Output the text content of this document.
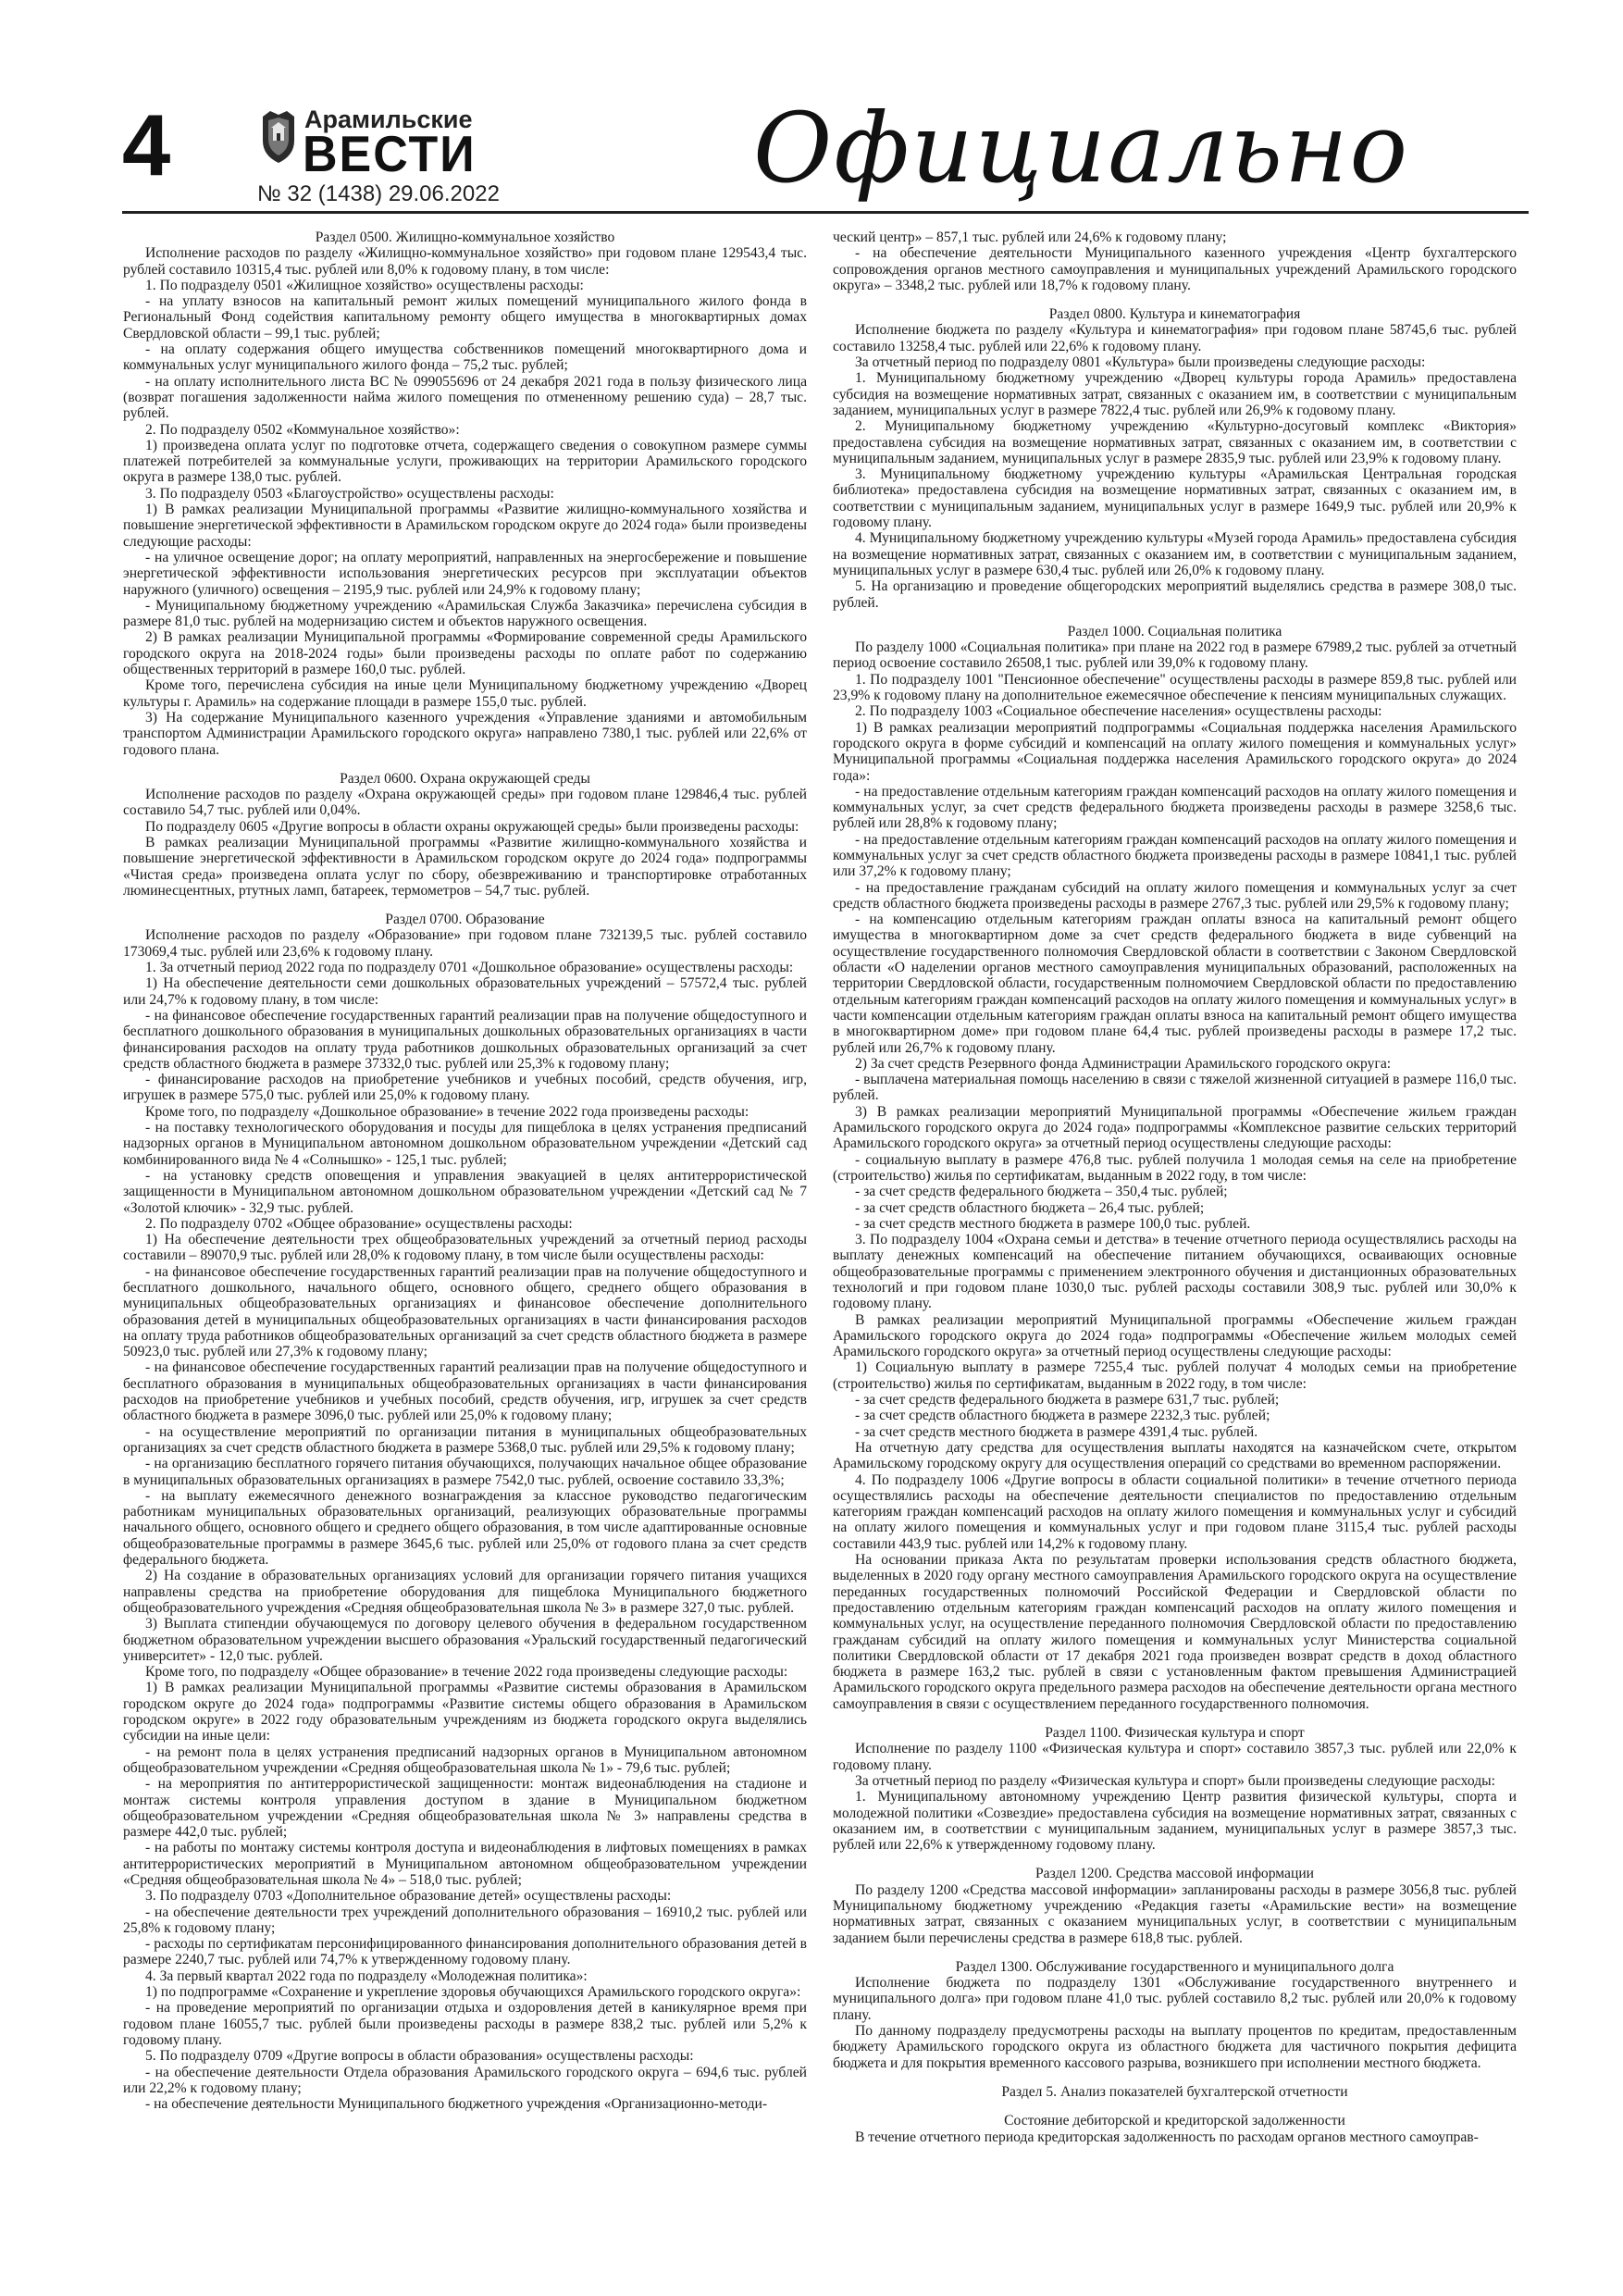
4	Арамильские
ВЕСТИ
№ 32 (1438) 29.06.2022	Официально
Раздел 0500. Жилищно-коммунальное хозяйство

Исполнение расходов по разделу «Жилищно-коммунальное хозяйство» при годовом плане 129543,4 тыс. рублей составило 10315,4 тыс. рублей или 8,0% к годовому плану, в том числе:

1. По подразделу 0501 «Жилищное хозяйство» осуществлены расходы:

- на уплату взносов на капитальный ремонт жилых помещений муниципального жилого фонда в Региональный Фонд содействия капитальному ремонту общего имущества в многоквартирных домах Свердловской области – 99,1 тыс. рублей;

- на оплату содержания общего имущества собственников помещений многоквартирного дома и коммунальных услуг муниципального жилого фонда – 75,2 тыс. рублей;

- на оплату исполнительного листа ВС № 099055696 от 24 декабря 2021 года в пользу физического лица (возврат погашения задолженности найма жилого помещения по отмененному решению суда) – 28,7 тыс. рублей.

2. По подразделу 0502 «Коммунальное хозяйство»:

1) произведена оплата услуг по подготовке отчета, содержащего сведения о совокупном размере суммы платежей потребителей за коммунальные услуги, проживающих на территории Арамильского городского округа в размере 138,0 тыс. рублей.

3. По подразделу 0503 «Благоустройство» осуществлены расходы:

1) В рамках реализации Муниципальной программы «Развитие жилищно-коммунального хозяйства и повышение энергетической эффективности в Арамильском городском округе до 2024 года» были произведены следующие расходы:

- на уличное освещение дорог; на оплату мероприятий, направленных на энергосбережение и повышение энергетической эффективности использования энергетических ресурсов при эксплуатации объектов наружного (уличного) освещения – 2195,9 тыс. рублей или 24,9% к годовому плану;

- Муниципальному бюджетному учреждению «Арамильская Служба Заказчика» перечислена субсидия в размере 81,0 тыс. рублей на модернизацию систем и объектов наружного освещения.

2) В рамках реализации Муниципальной программы «Формирование современной среды Арамильского городского округа на 2018-2024 годы» были произведены расходы по оплате работ по содержанию общественных территорий в размере 160,0 тыс. рублей.

Кроме того, перечислена субсидия на иные цели Муниципальному бюджетному учреждению «Дворец культуры г. Арамиль» на содержание площади в размере 155,0 тыс. рублей.

3) На содержание Муниципального казенного учреждения «Управление зданиями и автомобильным транспортом Администрации Арамильского городского округа» направлено 7380,1 тыс. рублей или 22,6% от годового плана.

Раздел 0600. Охрана окружающей среды

Исполнение расходов по разделу «Охрана окружающей среды» при годовом плане 129846,4 тыс. рублей составило 54,7 тыс. рублей или 0,04%.

По подразделу 0605 «Другие вопросы в области охраны окружающей среды» были произведены расходы:

В рамках реализации Муниципальной программы «Развитие жилищно-коммунального хозяйства и повышение энергетической эффективности в Арамильском городском округе до 2024 года» подпрограммы «Чистая среда» произведена оплата услуг по сбору, обезвреживанию и транспортировке отработанных люминесцентных, ртутных ламп, батареек, термометров – 54,7 тыс. рублей.

Раздел 0700. Образование

Исполнение расходов по разделу «Образование» при годовом плане 732139,5 тыс. рублей составило 173069,4 тыс. рублей или 23,6% к годовому плану.

1. За отчетный период 2022 года по подразделу 0701 «Дошкольное образование» осуществлены расходы:

1) На обеспечение деятельности семи дошкольных образовательных учреждений – 57572,4 тыс. рублей или 24,7% к годовому плану, в том числе:

- на финансовое обеспечение государственных гарантий реализации прав на получение общедоступного и бесплатного дошкольного образования в муниципальных дошкольных образовательных организациях в части финансирования расходов на оплату труда работников дошкольных образовательных организаций за счет средств областного бюджета в размере 37332,0 тыс. рублей или 25,3% к годовому плану;

- финансирование расходов на приобретение учебников и учебных пособий, средств обучения, игр, игрушек в размере 575,0 тыс. рублей или 25,0% к годовому плану.

Кроме того, по подразделу «Дошкольное образование» в течение 2022 года произведены расходы:

- на поставку технологического оборудования и посуды для пищеблока в целях устранения предписаний надзорных органов в Муниципальном автономном дошкольном образовательном учреждении «Детский сад комбинированного вида № 4 «Солнышко» - 125,1 тыс. рублей;

- на установку средств оповещения и управления эвакуацией в целях антитеррористической защищенности в Муниципальном автономном дошкольном образовательном учреждении «Детский сад № 7 «Золотой ключик» - 32,9 тыс. рублей.

2. По подразделу 0702 «Общее образование» осуществлены расходы:

1) На обеспечение деятельности трех общеобразовательных учреждений за отчетный период расходы составили – 89070,9 тыс. рублей или 28,0% к годовому плану, в том числе были осуществлены расходы:

- на финансовое обеспечение государственных гарантий реализации прав на получение общедоступного и бесплатного дошкольного, начального общего, основного общего, среднего общего образования в муниципальных общеобразовательных организациях и финансовое обеспечение дополнительного образования детей в муниципальных общеобразовательных организациях в части финансирования расходов на оплату труда работников общеобразовательных организаций за счет средств областного бюджета в размере 50923,0 тыс. рублей или 27,3% к годовому плану;

- на финансовое обеспечение государственных гарантий реализации прав на получение общедоступного и бесплатного образования в муниципальных общеобразовательных организациях в части финансирования расходов на приобретение учебников и учебных пособий, средств обучения, игр, игрушек за счет средств областного бюджета в размере 3096,0 тыс. рублей или 25,0% к годовому плану;

- на осуществление мероприятий по организации питания в муниципальных общеобразовательных организациях за счет средств областного бюджета в размере 5368,0 тыс. рублей или 29,5% к годовому плану;

- на организацию бесплатного горячего питания обучающихся, получающих начальное общее образование в муниципальных образовательных организациях в размере 7542,0 тыс. рублей, освоение составило 33,3%;

- на выплату ежемесячного денежного вознаграждения за классное руководство педагогическим работникам муниципальных образовательных организаций, реализующих образовательные программы начального общего, основного общего и среднего общего образования, в том числе адаптированные основные общеобразовательные программы в размере 3645,6 тыс. рублей или 25,0% от годового плана за счет средств федерального бюджета.

2) На создание в образовательных организациях условий для организации горячего питания учащихся направлены средства на приобретение оборудования для пищеблока Муниципального бюджетного общеобразовательного учреждения «Средняя общеобразовательная школа № 3» в размере 327,0 тыс. рублей.

3) Выплата стипендии обучающемуся по договору целевого обучения в федеральном государственном бюджетном образовательном учреждении высшего образования «Уральский государственный педагогический университет» - 12,0 тыс. рублей.

Кроме того, по подразделу «Общее образование» в течение 2022 года произведены следующие расходы:

1) В рамках реализации Муниципальной программы «Развитие системы образования в Арамильском городском округе до 2024 года» подпрограммы «Развитие системы общего образования в Арамильском городском округе» в 2022 году образовательным учреждениям из бюджета городского округа выделялись субсидии на иные цели:

- на ремонт пола в целях устранения предписаний надзорных органов в Муниципальном автономном общеобразовательном учреждении «Средняя общеобразовательная школа № 1» - 79,6 тыс. рублей;

- на мероприятия по антитеррористической защищенности: монтаж видеонаблюдения на стадионе и монтаж системы контроля управления доступом в здание в Муниципальном бюджетном общеобразовательном учреждении «Средняя общеобразовательная школа № 3» направлены средства в размере 442,0 тыс. рублей;

- на работы по монтажу системы контроля доступа и видеонаблюдения в лифтовых помещениях в рамках антитеррористических мероприятий в Муниципальном автономном общеобразовательном учреждении «Средняя общеобразовательная школа № 4» – 518,0 тыс. рублей;

3. По подразделу 0703 «Дополнительное образование детей» осуществлены расходы:

- на обеспечение деятельности трех учреждений дополнительного образования – 16910,2 тыс. рублей или 25,8% к годовому плану;

- расходы по сертификатам персонифицированного финансирования дополнительного образования детей в размере 2240,7 тыс. рублей или 74,7% к утвержденному годовому плану.

4. За первый квартал 2022 года по подразделу «Молодежная политика»:

1) по подпрограмме «Сохранение и укрепление здоровья обучающихся Арамильского городского округа»:

- на проведение мероприятий по организации отдыха и оздоровления детей в каникулярное время при годовом плане 16055,7 тыс. рублей были произведены расходы в размере 838,2 тыс. рублей или 5,2% к годовому плану.

5. По подразделу 0709 «Другие вопросы в области образования» осуществлены расходы:

- на обеспечение деятельности Отдела образования Арамильского городского округа – 694,6 тыс. рублей или 22,2% к годовому плану;

- на обеспечение деятельности Муниципального бюджетного учреждения «Организационно-методи-

ческий центр» – 857,1 тыс. рублей или 24,6% к годовому плану;

- на обеспечение деятельности Муниципального казенного учреждения «Центр бухгалтерского сопровождения органов местного самоуправления и муниципальных учреждений Арамильского городского округа» – 3348,2 тыс. рублей или 18,7% к годовому плану.

Раздел 0800. Культура и кинематография

Исполнение бюджета по разделу «Культура и кинематография» при годовом плане 58745,6 тыс. рублей составило 13258,4 тыс. рублей или 22,6% к годовому плану.

За отчетный период по подразделу 0801 «Культура» были произведены следующие расходы:

1. Муниципальному бюджетному учреждению «Дворец культуры города Арамиль» предоставлена субсидия на возмещение нормативных затрат, связанных с оказанием им, в соответствии с муниципальным заданием, муниципальных услуг в размере 7822,4 тыс. рублей или 26,9% к годовому плану.

2. Муниципальному бюджетному учреждению «Культурно-досуговый комплекс «Виктория» предоставлена субсидия на возмещение нормативных затрат, связанных с оказанием им, в соответствии с муниципальным заданием, муниципальных услуг в размере 2835,9 тыс. рублей или 23,9% к годовому плану.

3. Муниципальному бюджетному учреждению культуры «Арамильская Центральная городская библиотека» предоставлена субсидия на возмещение нормативных затрат, связанных с оказанием им, в соответствии с муниципальным заданием, муниципальных услуг в размере 1649,9 тыс. рублей или 20,9% к годовому плану.

4. Муниципальному бюджетному учреждению культуры «Музей города Арамиль» предоставлена субсидия на возмещение нормативных затрат, связанных с оказанием им, в соответствии с муниципальным заданием, муниципальных услуг в размере 630,4 тыс. рублей или 26,0% к годовому плану.

5. На организацию и проведение общегородских мероприятий выделялись средства в размере 308,0 тыс. рублей.

Раздел 1000. Социальная политика

По разделу 1000 «Социальная политика» при плане на 2022 год в размере 67989,2 тыс. рублей за отчетный период освоение составило 26508,1 тыс. рублей или 39,0% к годовому плану.

1. По подразделу 1001 "Пенсионное обеспечение" осуществлены расходы в размере 859,8 тыс. рублей или 23,9% к годовому плану на дополнительное ежемесячное обеспечение к пенсиям муниципальных служащих.

2. По подразделу 1003 «Социальное обеспечение населения» осуществлены расходы:

1) В рамках реализации мероприятий подпрограммы «Социальная поддержка населения Арамильского городского округа в форме субсидий и компенсаций на оплату жилого помещения и коммунальных услуг» Муниципальной программы «Социальная поддержка населения Арамильского городского округа» до 2024 года»:

- на предоставление отдельным категориям граждан компенсаций расходов на оплату жилого помещения и коммунальных услуг, за счет средств федерального бюджета произведены расходы в размере 3258,6 тыс. рублей или 28,8% к годовому плану;

- на предоставление отдельным категориям граждан компенсаций расходов на оплату жилого помещения и коммунальных услуг за счет средств областного бюджета произведены расходы в размере 10841,1 тыс. рублей или 37,2% к годовому плану;

- на предоставление гражданам субсидий на оплату жилого помещения и коммунальных услуг за счет средств областного бюджета произведены расходы в размере 2767,3 тыс. рублей или 29,5% к годовому плану;

- на компенсацию отдельным категориям граждан оплаты взноса на капитальный ремонт общего имущества в многоквартирном доме за счет средств федерального бюджета в виде субвенций на осуществление государственного полномочия Свердловской области в соответствии с Законом Свердловской области «О наделении органов местного самоуправления муниципальных образований, расположенных на территории Свердловской области, государственным полномочием Свердловской области по предоставлению отдельным категориям граждан компенсаций расходов на оплату жилого помещения и коммунальных услуг» в части компенсации отдельным категориям граждан оплаты взноса на капитальный ремонт общего имущества в многоквартирном доме» при годовом плане 64,4 тыс. рублей произведены расходы в размере 17,2 тыс. рублей или 26,7% к годовому плану.

2) За счет средств Резервного фонда Администрации Арамильского городского округа:

- выплачена материальная помощь населению в связи с тяжелой жизненной ситуацией в размере 116,0 тыс. рублей.

3) В рамках реализации мероприятий Муниципальной программы «Обеспечение жильем граждан Арамильского городского округа до 2024 года» подпрограммы «Комплексное развитие сельских территорий Арамильского городского округа» за отчетный период осуществлены следующие расходы:

- социальную выплату в размере 476,8 тыс. рублей получила 1 молодая семья на селе на приобретение (строительство) жилья по сертификатам, выданным в 2022 году, в том числе:

- за счет средств федерального бюджета – 350,4 тыс. рублей;

- за счет средств областного бюджета – 26,4 тыс. рублей;

- за счет средств местного бюджета в размере 100,0 тыс. рублей.

3. По подразделу 1004 «Охрана семьи и детства» в течение отчетного периода осуществлялись расходы на выплату денежных компенсаций на обеспечение питанием обучающихся, осваивающих основные общеобразовательные программы с применением электронного обучения и дистанционных образовательных технологий и при годовом плане 1030,0 тыс. рублей расходы составили 308,9 тыс. рублей или 30,0% к годовому плану.

В рамках реализации мероприятий Муниципальной программы «Обеспечение жильем граждан Арамильского городского округа до 2024 года» подпрограммы «Обеспечение жильем молодых семей Арамильского городского округа» за отчетный период осуществлены следующие расходы:

1) Социальную выплату в размере 7255,4 тыс. рублей получат 4 молодых семьи на приобретение (строительство) жилья по сертификатам, выданным в 2022 году, в том числе:

- за счет средств федерального бюджета в размере 631,7 тыс. рублей;

- за счет средств областного бюджета в размере 2232,3 тыс. рублей;

- за счет средств местного бюджета в размере 4391,4 тыс. рублей.

На отчетную дату средства для осуществления выплаты находятся на казначейском счете, открытом Арамильскому городскому округу для осуществления операций со средствами во временном распоряжении.

4. По подразделу 1006 «Другие вопросы в области социальной политики» в течение отчетного периода осуществлялись расходы на обеспечение деятельности специалистов по предоставлению отдельным категориям граждан компенсаций расходов на оплату жилого помещения и коммунальных услуг и субсидий на оплату жилого помещения и коммунальных услуг и при годовом плане 3115,4 тыс. рублей расходы составили 443,9 тыс. рублей или 14,2% к годовому плану.

На основании приказа Акта по результатам проверки использования средств областного бюджета, выделенных в 2020 году органу местного самоуправления Арамильского городского округа на осуществление переданных государственных полномочий Российской Федерации и Свердловской области по предоставлению отдельным категориям граждан компенсаций расходов на оплату жилого помещения и коммунальных услуг, на осуществление переданного полномочия Свердловской области по предоставлению гражданам субсидий на оплату жилого помещения и коммунальных услуг Министерства социальной политики Свердловской области от 17 декабря 2021 года произведен возврат средств в доход областного бюджета в размере 163,2 тыс. рублей в связи с установленным фактом превышения Администрацией Арамильского городского округа предельного размера расходов на обеспечение деятельности органа местного самоуправления в связи с осуществлением переданного государственного полномочия.

Раздел 1100. Физическая культура и спорт

Исполнение по разделу 1100 «Физическая культура и спорт» составило 3857,3 тыс. рублей или 22,0% к годовому плану.

За отчетный период по разделу «Физическая культура и спорт» были произведены следующие расходы:

1. Муниципальному автономному учреждению Центр развития физической культуры, спорта и молодежной политики «Созвездие» предоставлена субсидия на возмещение нормативных затрат, связанных с оказанием им, в соответствии с муниципальным заданием, муниципальных услуг в размере 3857,3 тыс. рублей или 22,6% к утвержденному годовому плану.

Раздел 1200. Средства массовой информации

По разделу 1200 «Средства массовой информации» запланированы расходы в размере 3056,8 тыс. рублей Муниципальному бюджетному учреждению «Редакция газеты «Арамильские вести» на возмещение нормативных затрат, связанных с оказанием муниципальных услуг, в соответствии с муниципальным заданием были перечислены средства в размере 618,8 тыс. рублей.

Раздел 1300. Обслуживание государственного и муниципального долга

Исполнение бюджета по подразделу 1301 «Обслуживание государственного внутреннего и муниципального долга» при годовом плане 41,0 тыс. рублей составило 8,2 тыс. рублей или 20,0% к годовому плану.

По данному подразделу предусмотрены расходы на выплату процентов по кредитам, предоставленным бюджету Арамильского городского округа из областного бюджета для частичного покрытия дефицита бюджета и для покрытия временного кассового разрыва, возникшего при исполнении местного бюджета.

Раздел 5. Анализ показателей бухгалтерской отчетности
Состояние дебиторской и кредиторской задолженности

В течение отчетного периода кредиторская задолженность по расходам органов местного самоуправ-
